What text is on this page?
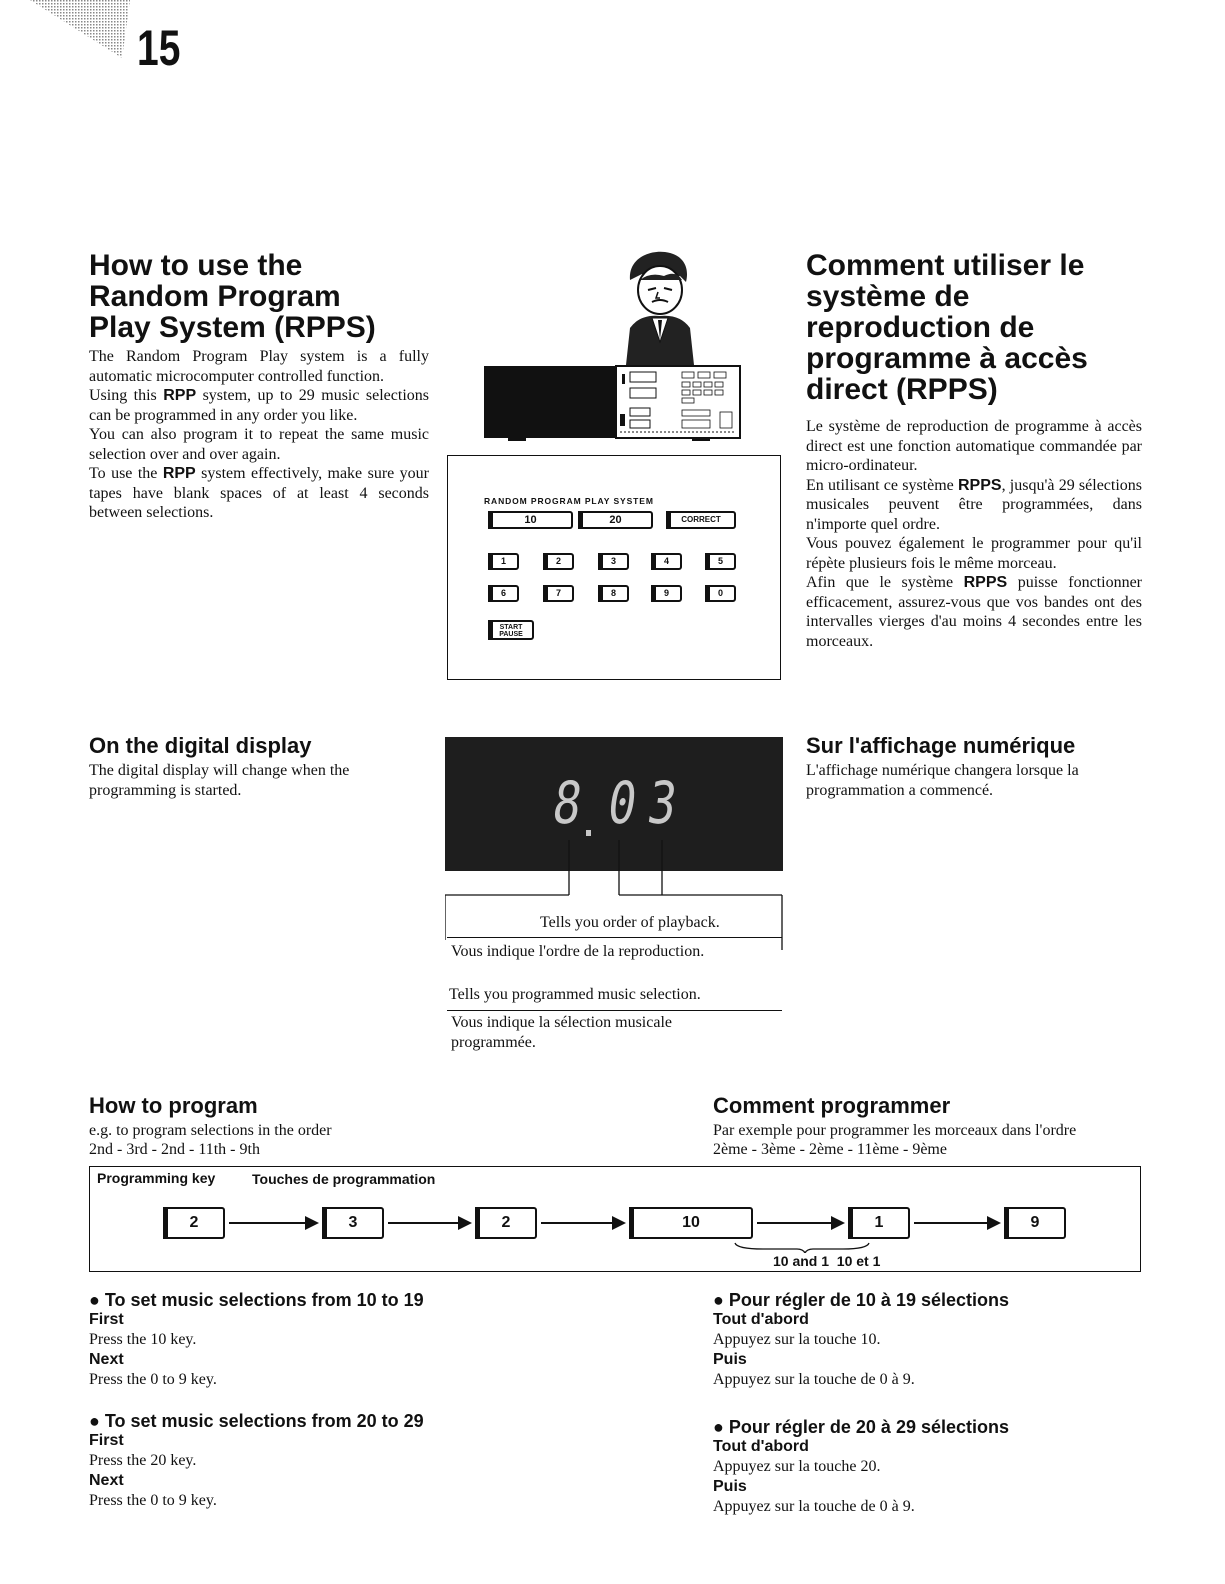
15
How to use the
Random Program
Play System (RPPS)

The Random Program Play system is a fully automatic microcomputer controlled function.

Using this RPP system, up to 29 music selections can be programmed in any order you like.

You can also program it to repeat the same music selection over and over again.

To use the RPP system effectively, make sure your tapes have blank spaces of at least 4 seconds between selections.

Comment utiliser le
système de
reproduction de
programme à accès
direct (RPPS)

Le système de reproduction de programme à accès direct est une fonction automatique commandée par micro-ordinateur.

En utilisant ce système RPPS, jusqu'à 29 sélections musicales peuvent être programmées, dans n'importe quel ordre.

Vous pouvez également le programmer pour qu'il répète plusieurs fois le même morceau.

Afin que le système RPPS puisse fonctionner efficacement, assurez-vous que vos bandes ont des intervalles vierges d'au moins 4 secondes entre les morceaux.

RANDOM PROGRAM PLAY SYSTEM
10	20	CORRECT
1	2	3	4	5
6	7	8	9	0
START
PAUSE
On the digital display

The digital display will change when the programming is started.

Sur l'affichage numérique

L'affichage numérique changera lorsque la programmation a commencé.

8 0 3
Tells you order of playback.
Vous indique l'ordre de la reproduction.
Tells you programmed music selection.
Vous indique la sélection musicale
programmée.
How to program
e.g. to program selections in the order
2nd - 3rd - 2nd - 11th - 9th
Comment programmer
Par exemple pour programmer les morceaux dans l'ordre
2ème - 3ème - 2ème - 11ème - 9ème
Programming key	Touches de programmation
2	3	2	10	1	9
10 and 1  10 et 1
● To set music selections from 10 to 19
First

Press the 10 key.

Next

Press the 0 to 9 key.

● To set music selections from 20 to 29
First

Press the 20 key.

Next

Press the 0 to 9 key.

● Pour régler de 10 à 19 sélections
Tout d'abord

Appuyez sur la touche 10.

Puis

Appuyez sur la touche de 0 à 9.

● Pour régler de 20 à 29 sélections
Tout d'abord

Appuyez sur la touche 20.

Puis

Appuyez sur la touche de 0 à 9.
